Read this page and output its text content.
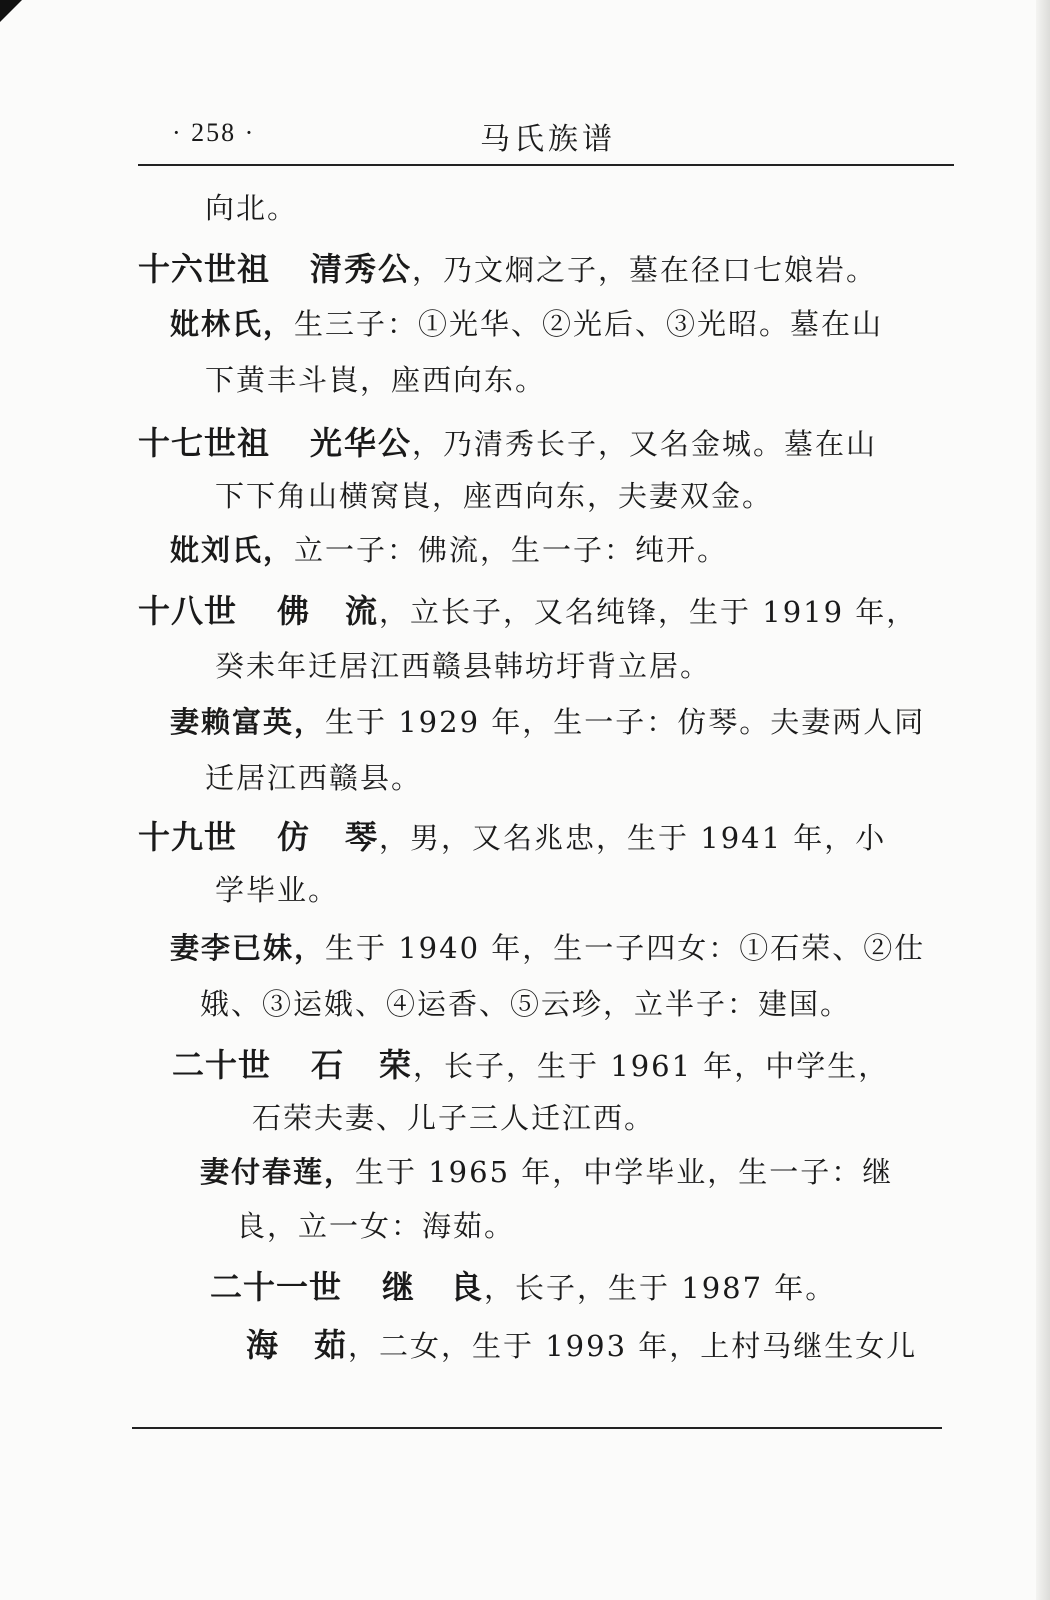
· 258 ·	马氏族谱
向北。
十六世祖 清秀公，乃文烱之子，墓在径口七娘岩。
妣林氏，生三子：①光华、②光后、③光昭。墓在山
下黄丰斗崀，座西向东。
十七世祖 光华公，乃清秀长子，又名金城。墓在山
下下角山横窝崀，座西向东，夫妻双金。
妣刘氏，立一子：佛流，生一子：纯开。
十八世 佛　流，立长子，又名纯锋，生于 1919 年，
癸未年迁居江西赣县韩坊圩背立居。
妻赖富英，生于 1929 年，生一子：仿琴。夫妻两人同
迁居江西赣县。
十九世 仿　琴，男，又名兆忠，生于 1941 年，小
学毕业。
妻李已妹，生于 1940 年，生一子四女：①石荣、②仕
娥、③运娥、④运香、⑤云珍，立半子：建国。
二十世 石　荣，长子，生于 1961 年，中学生，
石荣夫妻、儿子三人迁江西。
妻付春莲，生于 1965 年，中学毕业，生一子：继
良，立一女：海茹。
二十一世 继　良，长子，生于 1987 年。
海　茹，二女，生于 1993 年，上村马继生女儿
